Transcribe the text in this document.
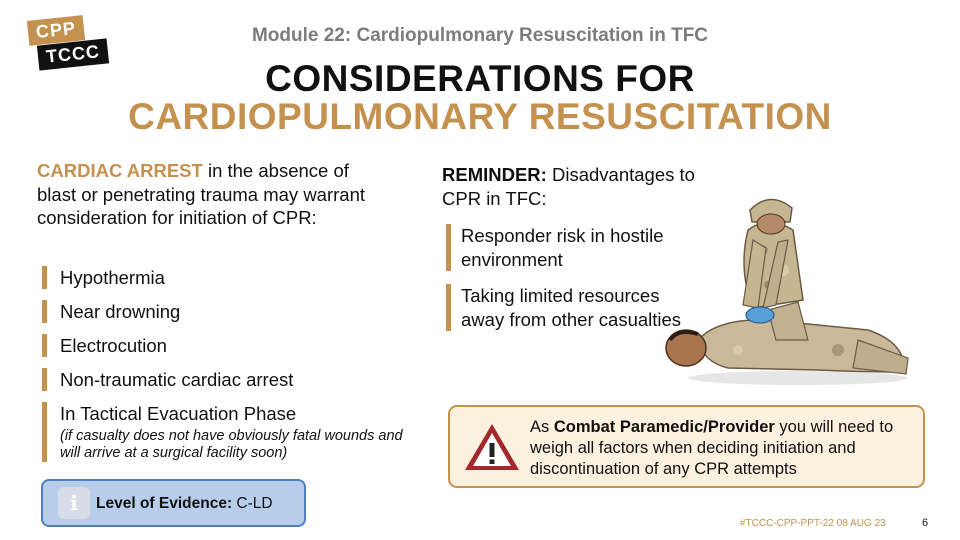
CPP
TCCC
Module 22: Cardiopulmonary Resuscitation in TFC
CONSIDERATIONS FOR
CARDIOPULMONARY RESUSCITATION
CARDIAC ARREST in the absence of blast or penetrating trauma may warrant consideration for initiation of CPR:
Hypothermia
Near drowning
Electrocution
Non-traumatic cardiac arrest
In Tactical Evacuation Phase
(if casualty does not have obviously fatal wounds and will arrive at a surgical facility soon)
i	Level of Evidence: C-LD
REMINDER: Disadvantages to CPR in TFC:
Responder risk in hostile environment
Taking limited resources away from other casualties
As Combat Paramedic/Provider you will need to weigh all factors when deciding initiation and discontinuation of any CPR attempts
#TCCC-CPP-PPT-22 08 AUG 23	6
